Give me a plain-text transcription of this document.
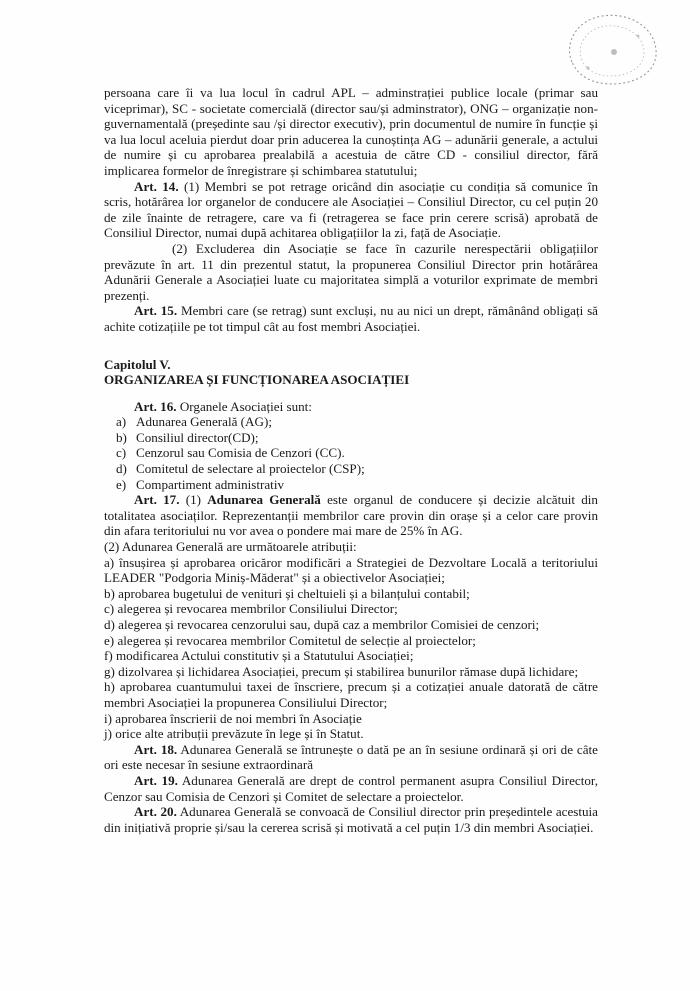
persoana care îi va lua locul în cadrul APL – adminstrației publice locale (primar sau viceprimar), SC - societate comercială (director sau/și adminstrator), ONG – organizație non-guvernamentală (președinte sau /și director executiv), prin documentul de numire în funcție și va lua locul aceluia pierdut doar prin aducerea la cunoștința AG – adunării generale, a actului de numire și cu aprobarea prealabilă a acestuia de către CD - consiliul director, fără implicarea formelor de înregistrare și schimbarea statutului;

Art. 14. (1) Membri se pot retrage oricând din asociație cu condiția să comunice în scris, hotărârea lor organelor de conducere ale Asociației – Consiliul Director, cu cel puțin 20 de zile înainte de retragere, care va fi (retragerea se face prin cerere scrisă) aprobată de Consiliul Director, numai după achitarea obligațiilor la zi, față de Asociație.

(2) Excluderea din Asociație se face în cazurile nerespectării obligațiilor prevăzute în art. 11 din prezentul statut, la propunerea Consiliul Director prin hotărârea Adunării Generale a Asociației luate cu majoritatea simplă a voturilor exprimate de membri prezenți.

Art. 15. Membri care (se retrag) sunt excluși, nu au nici un drept, rămânând obligați să achite cotizațiile pe tot timpul cât au fost membri Asociației.

Capitolul V.

ORGANIZAREA ȘI FUNCȚIONAREA ASOCIAȚIEI

Art. 16. Organele Asociației sunt:

a) Adunarea Generală (AG);
b) Consiliul director(CD);
c) Cenzorul sau Comisia de Cenzori (CC).
d) Comitetul de selectare al proiectelor (CSP);
e) Compartiment administrativ

Art. 17. (1) Adunarea Generală este organul de conducere și decizie alcătuit din totalitatea asociaților. Reprezentanții membrilor care provin din orașe și a celor care provin din afara teritoriului nu vor avea o pondere mai mare de 25% în AG.

(2) Adunarea Generală are următoarele atribuții:

a) însușirea și aprobarea oricăror modificări a Strategiei de Dezvoltare Locală a teritoriului LEADER "Podgoria Miniș-Măderat" și a obiectivelor Asociației;

b) aprobarea bugetului de venituri și cheltuieli și a bilanțului contabil;

c) alegerea și revocarea membrilor Consiliului Director;

d) alegerea și revocarea cenzorului sau, după caz a membrilor Comisiei de cenzori;

e) alegerea și revocarea membrilor Comitetul de selecție al proiectelor;

f) modificarea Actului constitutiv și a Statutului Asociației;

g) dizolvarea și lichidarea Asociației, precum și stabilirea bunurilor rămase după lichidare;

h) aprobarea cuantumului taxei de înscriere, precum și a cotizației anuale datorată de către membri Asociației la propunerea Consiliului Director;

i) aprobarea înscrierii de noi membri în Asociație

j) orice alte atribuții prevăzute în lege și în Statut.

Art. 18. Adunarea Generală se întrunește o dată pe an în sesiune ordinară și ori de câte ori este necesar în sesiune extraordinară

Art. 19. Adunarea Generală are drept de control permanent asupra Consiliul Director, Cenzor sau Comisia de Cenzori și Comitet de selectare a proiectelor.

Art. 20. Adunarea Generală se convoacă de Consiliul director prin președintele acestuia din inițiativă proprie și/sau la cererea scrisă și motivată a cel puțin 1/3 din membri Asociației.
